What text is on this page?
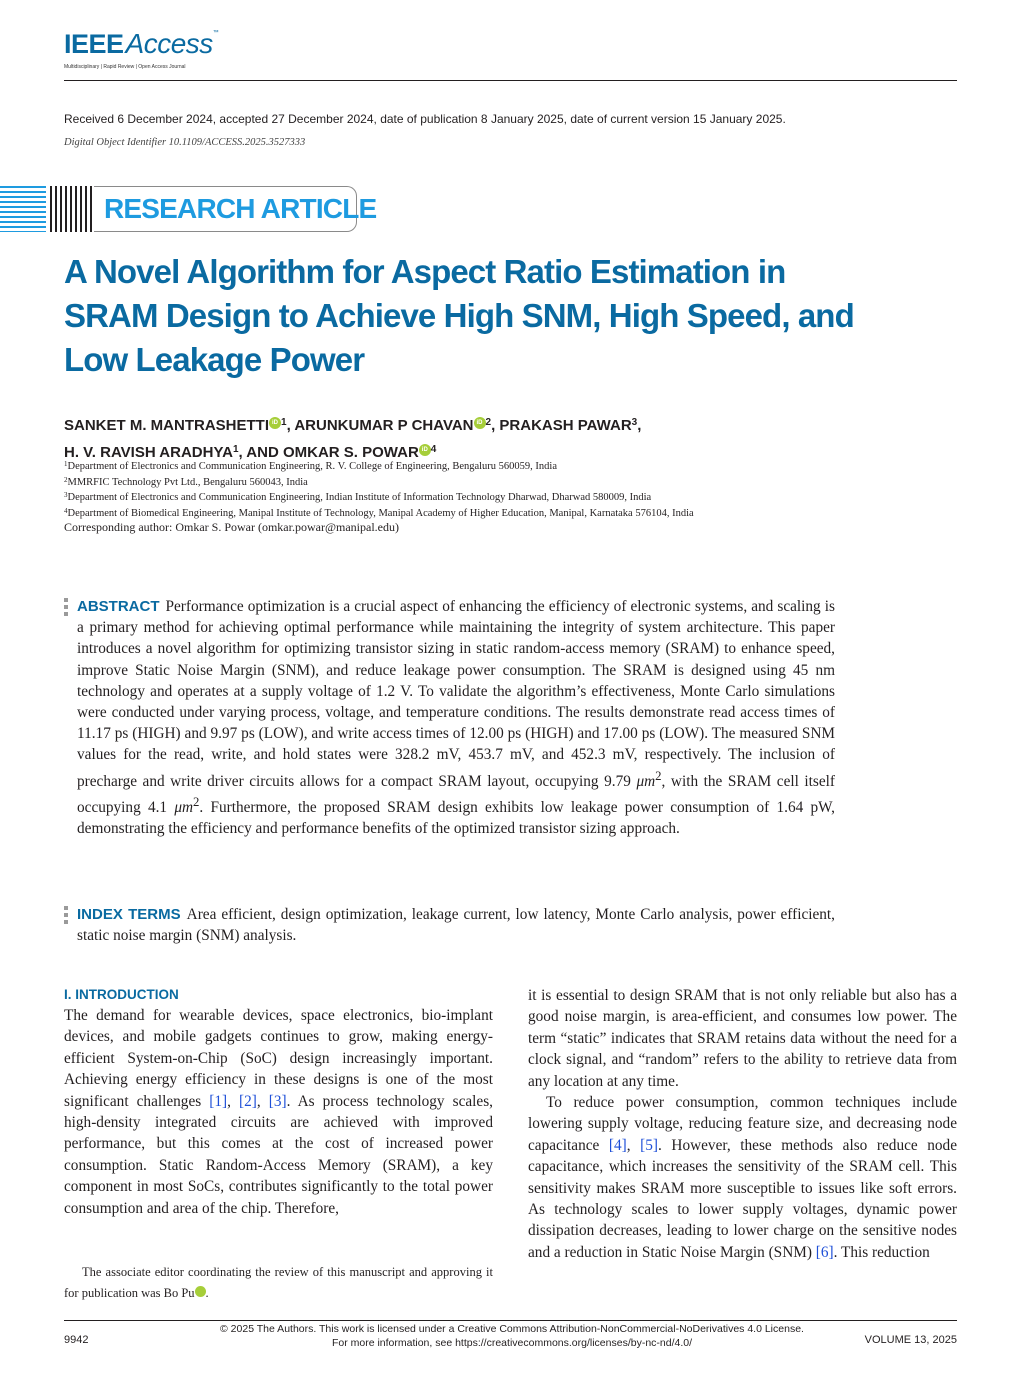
IEEEAccess™
Multidisciplinary | Rapid Review | Open Access Journal
Received 6 December 2024, accepted 27 December 2024, date of publication 8 January 2025, date of current version 15 January 2025.
Digital Object Identifier 10.1109/ACCESS.2025.3527333
RESEARCH ARTICLE
A Novel Algorithm for Aspect Ratio Estimation in SRAM Design to Achieve High SNM, High Speed, and Low Leakage Power
SANKET M. MANTRASHETTI iD $^1$, ARUNKUMAR P CHAVAN iD $^2$, PRAKASH PAWAR$^3$,
H. V. RAVISH ARADHYA$^1$, AND OMKAR S. POWAR iD $^4$
$^1$Department of Electronics and Communication Engineering, R. V. College of Engineering, Bengaluru 560059, India
$^2$MMRFIC Technology Pvt Ltd., Bengaluru 560043, India
$^3$Department of Electronics and Communication Engineering, Indian Institute of Information Technology Dharwad, Dharwad 580009, India
$^4$Department of Biomedical Engineering, Manipal Institute of Technology, Manipal Academy of Higher Education, Manipal, Karnataka 576104, India
Corresponding author: Omkar S. Powar (omkar.powar@manipal.edu)

ABSTRACT Performance optimization is a crucial aspect of enhancing the efficiency of electronic systems, and scaling is a primary method for achieving optimal performance while maintaining the integrity of system architecture. This paper introduces a novel algorithm for optimizing transistor sizing in static random-access memory (SRAM) to enhance speed, improve Static Noise Margin (SNM), and reduce leakage power consumption. The SRAM is designed using 45 nm technology and operates at a supply voltage of 1.2 V. To validate the algorithm’s effectiveness, Monte Carlo simulations were conducted under varying process, voltage, and temperature conditions. The results demonstrate read access times of 11.17 ps (HIGH) and 9.97 ps (LOW), and write access times of 12.00 ps (HIGH) and 17.00 ps (LOW). The measured SNM values for the read, write, and hold states were 328.2 mV, 453.7 mV, and 452.3 mV, respectively. The inclusion of precharge and write driver circuits allows for a compact SRAM layout, occupying 9.79 $\mu m^2$, with the SRAM cell itself occupying 4.1 $\mu m^2$. Furthermore, the proposed SRAM design exhibits low leakage power consumption of 1.64 pW, demonstrating the efficiency and performance benefits of the optimized transistor sizing approach.

INDEX TERMS Area efficient, design optimization, leakage current, low latency, Monte Carlo analysis, power efficient, static noise margin (SNM) analysis.

I. INTRODUCTION

The demand for wearable devices, space electronics, bio-implant devices, and mobile gadgets continues to grow, making energy-efficient System-on-Chip (SoC) design increasingly important. Achieving energy efficiency in these designs is one of the most significant challenges [1], [2], [3]. As process technology scales, high-density integrated circuits are achieved with improved performance, but this comes at the cost of increased power consumption. Static Random-Access Memory (SRAM), a key component in most SoCs, contributes significantly to the total power consumption and area of the chip. Therefore,

The associate editor coordinating the review of this manuscript and approving it for publication was Bo Pu	iD.

it is essential to design SRAM that is not only reliable but also has a good noise margin, is area-efficient, and consumes low power. The term “static” indicates that SRAM retains data without the need for a clock signal, and “random” refers to the ability to retrieve data from any location at any time.

To reduce power consumption, common techniques include lowering supply voltage, reducing feature size, and decreasing node capacitance [4], [5]. However, these methods also reduce node capacitance, which increases the sensitivity of the SRAM cell. This sensitivity makes SRAM more susceptible to issues like soft errors. As technology scales to lower supply voltages, dynamic power dissipation decreases, leading to lower charge on the sensitive nodes and a reduction in Static Noise Margin (SNM) [6]. This reduction

9942
© 2025 The Authors. This work is licensed under a Creative Commons Attribution-NonCommercial-NoDerivatives 4.0 License.
For more information, see https://creativecommons.org/licenses/by-nc-nd/4.0/	VOLUME 13, 2025
